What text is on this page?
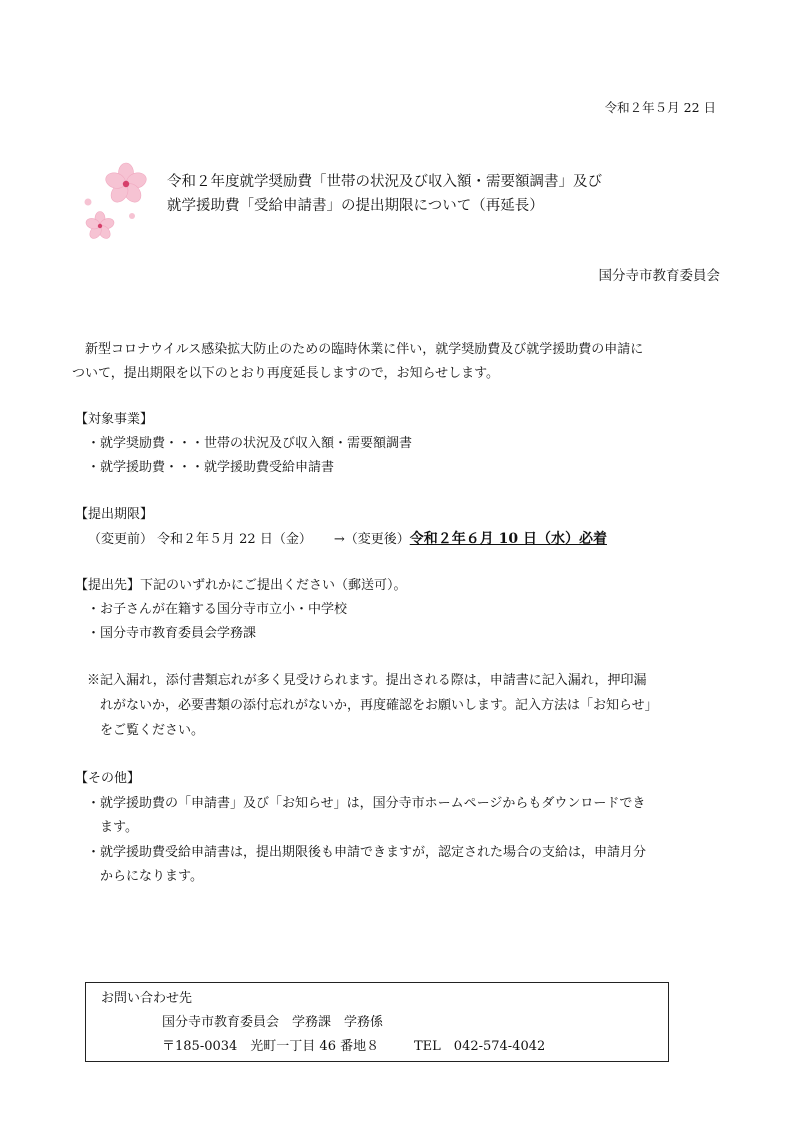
令和２年５月 22 日
令和２年度就学奨励費「世帯の状況及び収入額・需要額調書」及び
就学援助費「受給申請書」の提出期限について（再延長）
国分寺市教育委員会
新型コロナウイルス感染拡大防止のための臨時休業に伴い，就学奨励費及び就学援助費の申請に
ついて，提出期限を以下のとおり再度延長しますので，お知らせします。
【対象事業】
・就学奨励費・・・世帯の状況及び収入額・需要額調書
・就学援助費・・・就学援助費受給申請書
【提出期限】
（変更前） 令和２年５月 22 日（金） →（変更後）令和２年６月 10 日（水）必着
【提出先】下記のいずれかにご提出ください（郵送可）。
・お子さんが在籍する国分寺市立小・中学校
・国分寺市教育委員会学務課
※記入漏れ，添付書類忘れが多く見受けられます。提出される際は，申請書に記入漏れ，押印漏
れがないか，必要書類の添付忘れがないか，再度確認をお願いします。記入方法は「お知らせ」
をご覧ください。
【その他】
・就学援助費の「申請書」及び「お知らせ」は，国分寺市ホームページからもダウンロードでき
ます。
・就学援助費受給申請書は，提出期限後も申請できますが，認定された場合の支給は，申請月分
からになります。
お問い合わせ先
国分寺市教育委員会　学務課　学務係
〒185-0034　光町一丁目 46 番地８	TEL　042-574-4042
